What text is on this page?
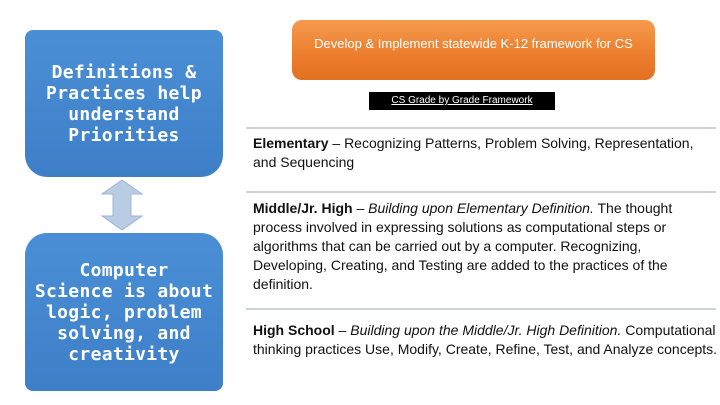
Definitions &
Practices help
understand
Priorities
Computer
Science is about
logic, problem
solving, and
creativity
Develop & Implement statewide K-12 framework for CS
CS Grade by Grade Framework
Elementary – Recognizing Patterns, Problem Solving, Representation, and Sequencing
Middle/Jr. High – Building upon Elementary Definition. The thought process involved in expressing solutions as computational steps or algorithms that can be carried out by a computer. Recognizing, Developing, Creating, and Testing are added to the practices of the definition.
High School – Building upon the Middle/Jr. High Definition. Computational thinking practices Use, Modify, Create, Refine, Test, and Analyze concepts.
